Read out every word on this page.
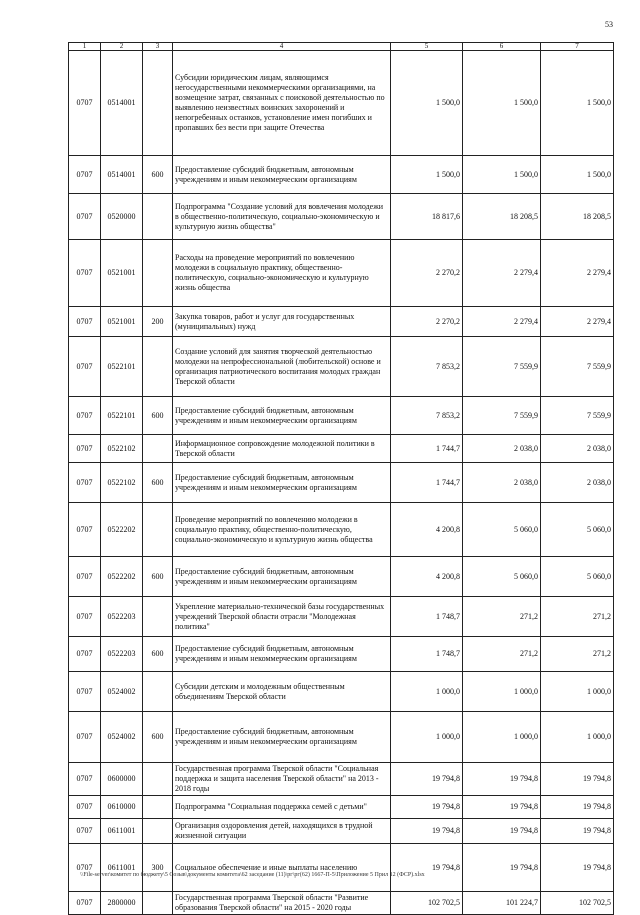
53
1	2	3	4	5	6	7
0707	0514001		Субсидии юридическим лицам, являющимся негосударственными некоммерческими организациями, на возмещение затрат, связанных с поисковой деятельностью по выявлению неизвестных воинских захоронений и непогребенных останков, установление имен погибших и пропавших без вести при защите Отечества	1 500,0	1 500,0	1 500,0
0707	0514001	600	Предоставление субсидий бюджетным, автономным учреждениям и иным некоммерческим организациям	1 500,0	1 500,0	1 500,0
0707	0520000		Подпрограмма "Создание условий для вовлечения молодежи в общественно-политическую, социально-экономическую и культурную жизнь общества"	18 817,6	18 208,5	18 208,5
0707	0521001		Расходы на проведение мероприятий по вовлечению молодежи в социальную практику, общественно-политическую, социально-экономическую и культурную жизнь общества	2 270,2	2 279,4	2 279,4
0707	0521001	200	Закупка товаров, работ и услуг для государственных (муниципальных) нужд	2 270,2	2 279,4	2 279,4
0707	0522101		Создание условий для занятия творческой деятельностью молодежи на непрофессиональной (любительской) основе и организация патриотического воспитания молодых граждан Тверской области	7 853,2	7 559,9	7 559,9
0707	0522101	600	Предоставление субсидий бюджетным, автономным учреждениям и иным некоммерческим организациям	7 853,2	7 559,9	7 559,9
0707	0522102		Информационное сопровождение молодежной политики в Тверской области	1 744,7	2 038,0	2 038,0
0707	0522102	600	Предоставление субсидий бюджетным, автономным учреждениям и иным некоммерческим организациям	1 744,7	2 038,0	2 038,0
0707	0522202		Проведение мероприятий по вовлечению молодежи в социальную практику, общественно-политическую, социально-экономическую и культурную жизнь общества	4 200,8	5 060,0	5 060,0
0707	0522202	600	Предоставление субсидий бюджетным, автономным учреждениям и иным некоммерческим организациям	4 200,8	5 060,0	5 060,0
0707	0522203		Укрепление материально-технической базы государственных учреждений Тверской области отрасли "Молодежная политика"	1 748,7	271,2	271,2
0707	0522203	600	Предоставление субсидий бюджетным, автономным учреждениям и иным некоммерческим организациям	1 748,7	271,2	271,2
0707	0524002		Субсидии детским и молодежным общественным объединениям Тверской области	1 000,0	1 000,0	1 000,0
0707	0524002	600	Предоставление субсидий бюджетным, автономным учреждениям и иным некоммерческим организациям	1 000,0	1 000,0	1 000,0
0707	0600000		Государственная программа Тверской области "Социальная поддержка и защита населения Тверской области" на 2013 - 2018 годы	19 794,8	19 794,8	19 794,8
0707	0610000		Подпрограмма "Социальная поддержка семей с детьми"	19 794,8	19 794,8	19 794,8
0707	0611001		Организация оздоровления детей, находящихся в трудной жизненной ситуации	19 794,8	19 794,8	19 794,8
0707	0611001	300	Социальное обеспечение и иные выплаты населению	19 794,8	19 794,8	19 794,8
0707	2800000		Государственная программа Тверской области "Развитие образования Тверской области" на 2015 - 2020 годы	102 702,5	101 224,7	102 702,5
\\File-server\комитет по бюджету\5 Созыв\документы комитета\62 заседание (11)\рг\рг(62) 1667-П-5\Приложение 5 Прил 12 (ФСР).xlsx
